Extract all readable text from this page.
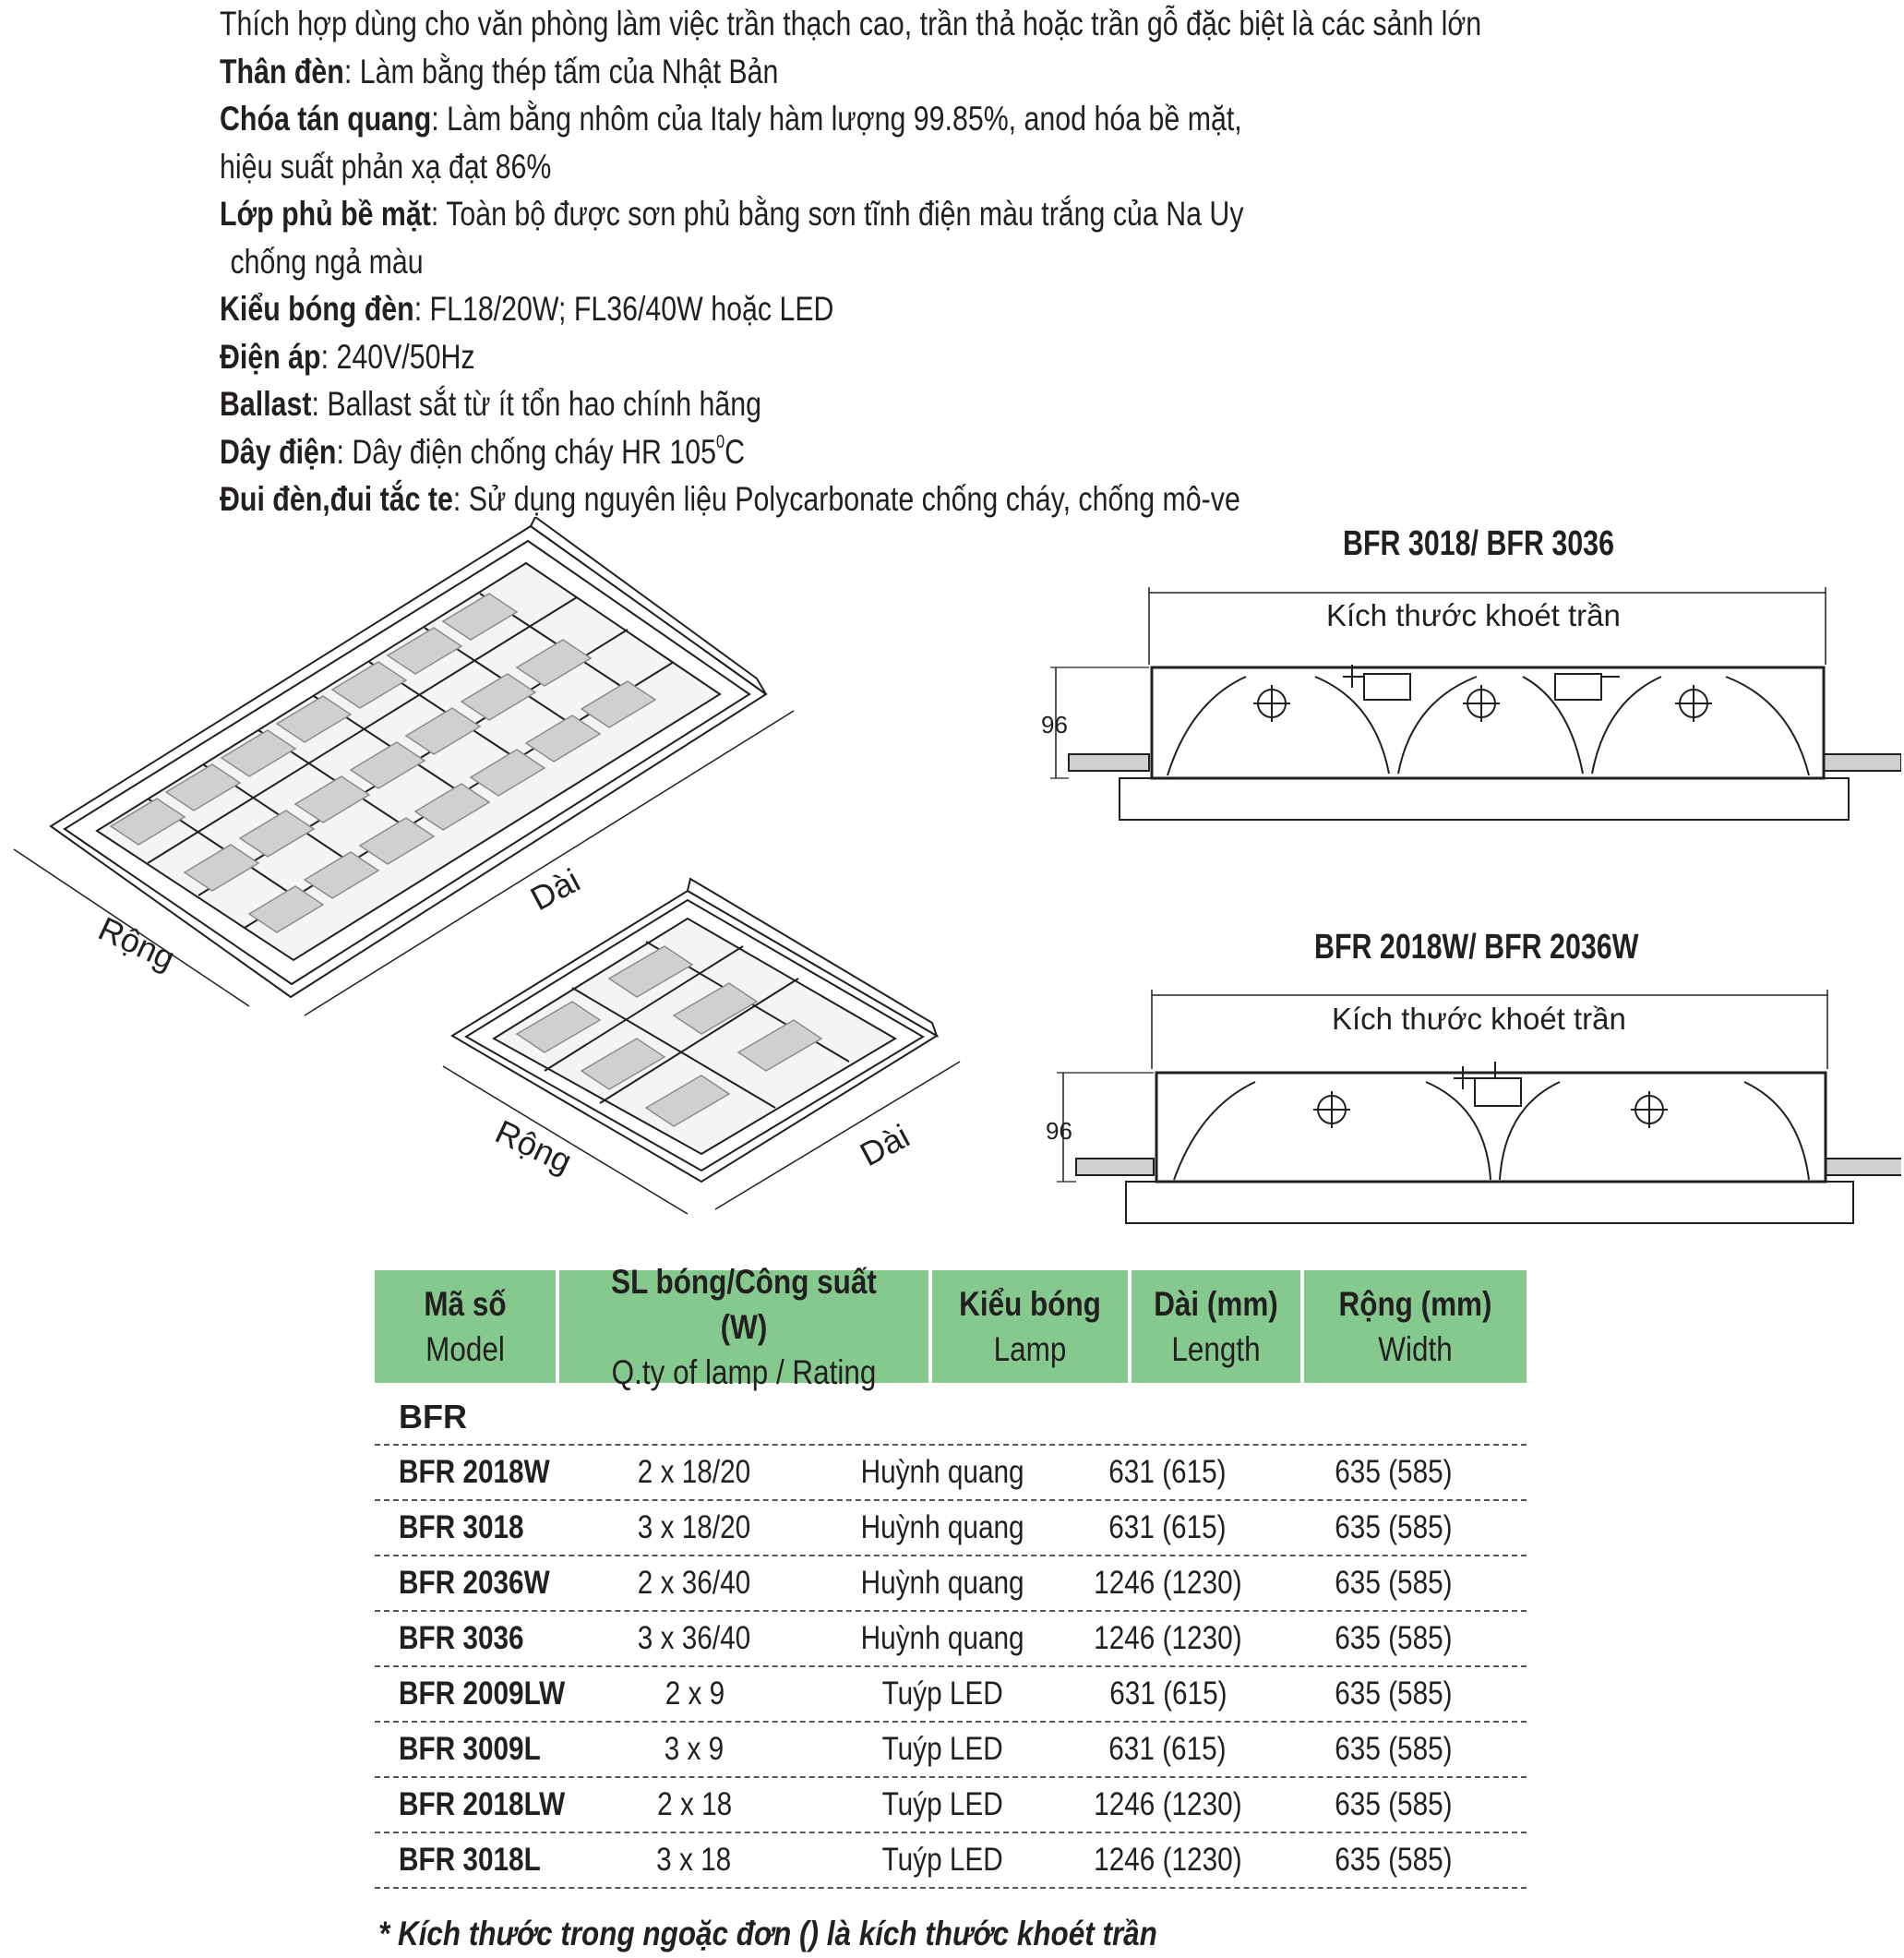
Thích hợp dùng cho văn phòng làm việc trần thạch cao, trần thả hoặc trần gỗ đặc biệt là các sảnh lớn
Thân đèn: Làm bằng thép tấm của Nhật Bản
Chóa tán quang: Làm bằng nhôm của Italy hàm lượng 99.85%, anod hóa bề mặt,
hiệu suất phản xạ đạt 86%
Lớp phủ bề mặt: Toàn bộ được sơn phủ bằng sơn tĩnh điện màu trắng của Na Uy
chống ngả màu
Kiểu bóng đèn: FL18/20W; FL36/40W hoặc LED
Điện áp: 240V/50Hz
Ballast: Ballast sắt từ ít tổn hao chính hãng
Dây điện: Dây điện chống cháy HR $105^0C$
Đui đèn,đui tắc te: Sử dụng nguyên liệu Polycarbonate chống cháy, chống mô-ve
Rộng
Dài
Rộng	Dài
BFR 3018/ BFR 3036
Kích thước khoét trần
96
BFR 2018W/ BFR 2036W
Kích thước khoét trần
96
Mã số
Model
SL bóng/Công suất (W)
Q.ty of lamp / Rating
Kiểu bóng
Lamp
Dài (mm)
Length
Rộng (mm)
Width
BFR
BFR 2018W	2 x 18/20	Huỳnh quang	631 (615)	635 (585)
BFR 3018	3 x 18/20	Huỳnh quang	631 (615)	635 (585)
BFR 2036W	2 x 36/40	Huỳnh quang	1246 (1230)	635 (585)
BFR 3036	3 x 36/40	Huỳnh quang	1246 (1230)	635 (585)
BFR 2009LW	2 x 9	Tuýp LED	631 (615)	635 (585)
BFR 3009L	3 x 9	Tuýp LED	631 (615)	635 (585)
BFR 2018LW	2 x 18	Tuýp LED	1246 (1230)	635 (585)
BFR 3018L	3 x 18	Tuýp LED	1246 (1230)	635 (585)
* Kích thước trong ngoặc đơn () là kích thước khoét trần
